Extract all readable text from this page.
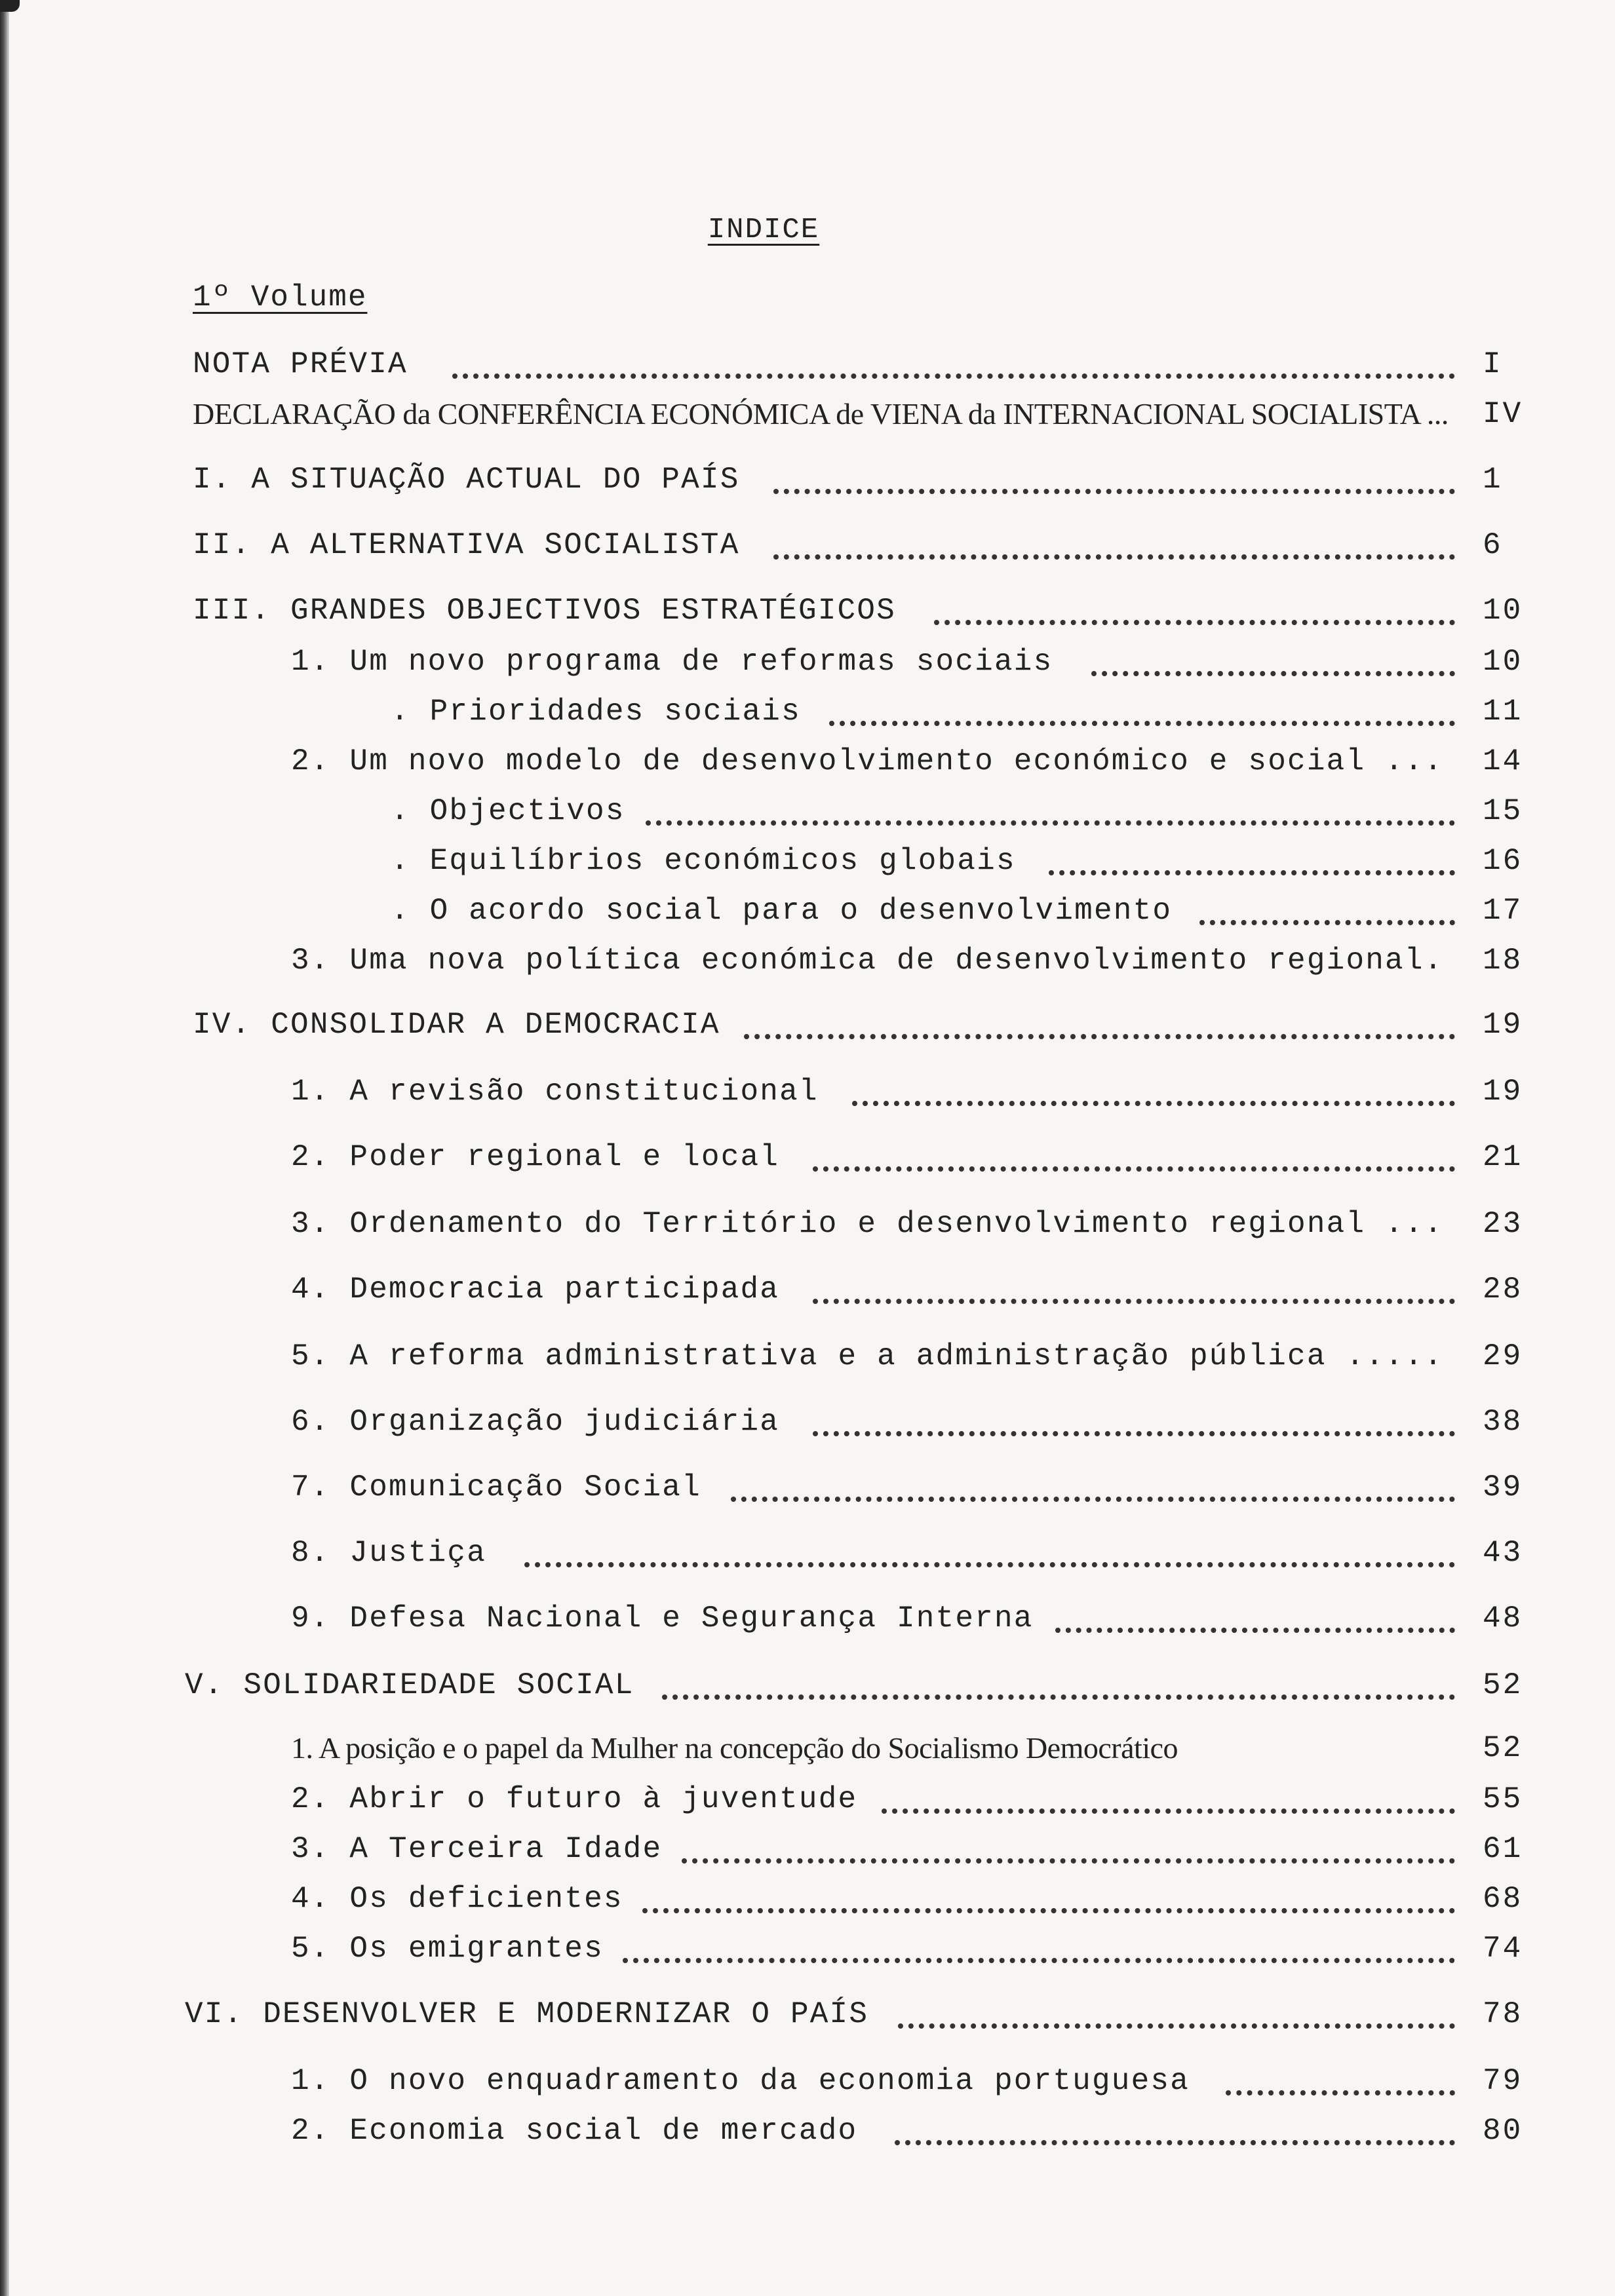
INDICE
1º Volume
NOTA PRÉVIA	I
DECLARAÇÃO da CONFERÊNCIA ECONÓMICA de VIENA da INTERNACIONAL SOCIALISTA ... IV
I. A SITUAÇÃO ACTUAL DO PAÍS	1
II. A ALTERNATIVA SOCIALISTA	6
III. GRANDES OBJECTIVOS ESTRATÉGICOS	10
1. Um novo programa de reformas sociais	10
. Prioridades sociais	11
2. Um novo modelo de desenvolvimento económico e social ... 14
. Objectivos	15
. Equilíbrios económicos globais	16
. O acordo social para o desenvolvimento	17
3. Uma nova política económica de desenvolvimento regional. 18
IV. CONSOLIDAR A DEMOCRACIA	19
1. A revisão constitucional	19
2. Poder regional e local	21
3. Ordenamento do Território e desenvolvimento regional ... 23
4. Democracia participada	28
5. A reforma administrativa e a administração pública ..... 29
6. Organização judiciária	38
7. Comunicação Social	39
8. Justiça	43
9. Defesa Nacional e Segurança Interna	48
V. SOLIDARIEDADE SOCIAL	52
1. A posição e o papel da Mulher na concepção do Socialismo Democrático	52
2. Abrir o futuro à juventude	55
3. A Terceira Idade	61
4. Os deficientes	68
5. Os emigrantes	74
VI. DESENVOLVER E MODERNIZAR O PAÍS	78
1. O novo enquadramento da economia portuguesa	79
2. Economia social de mercado	80
